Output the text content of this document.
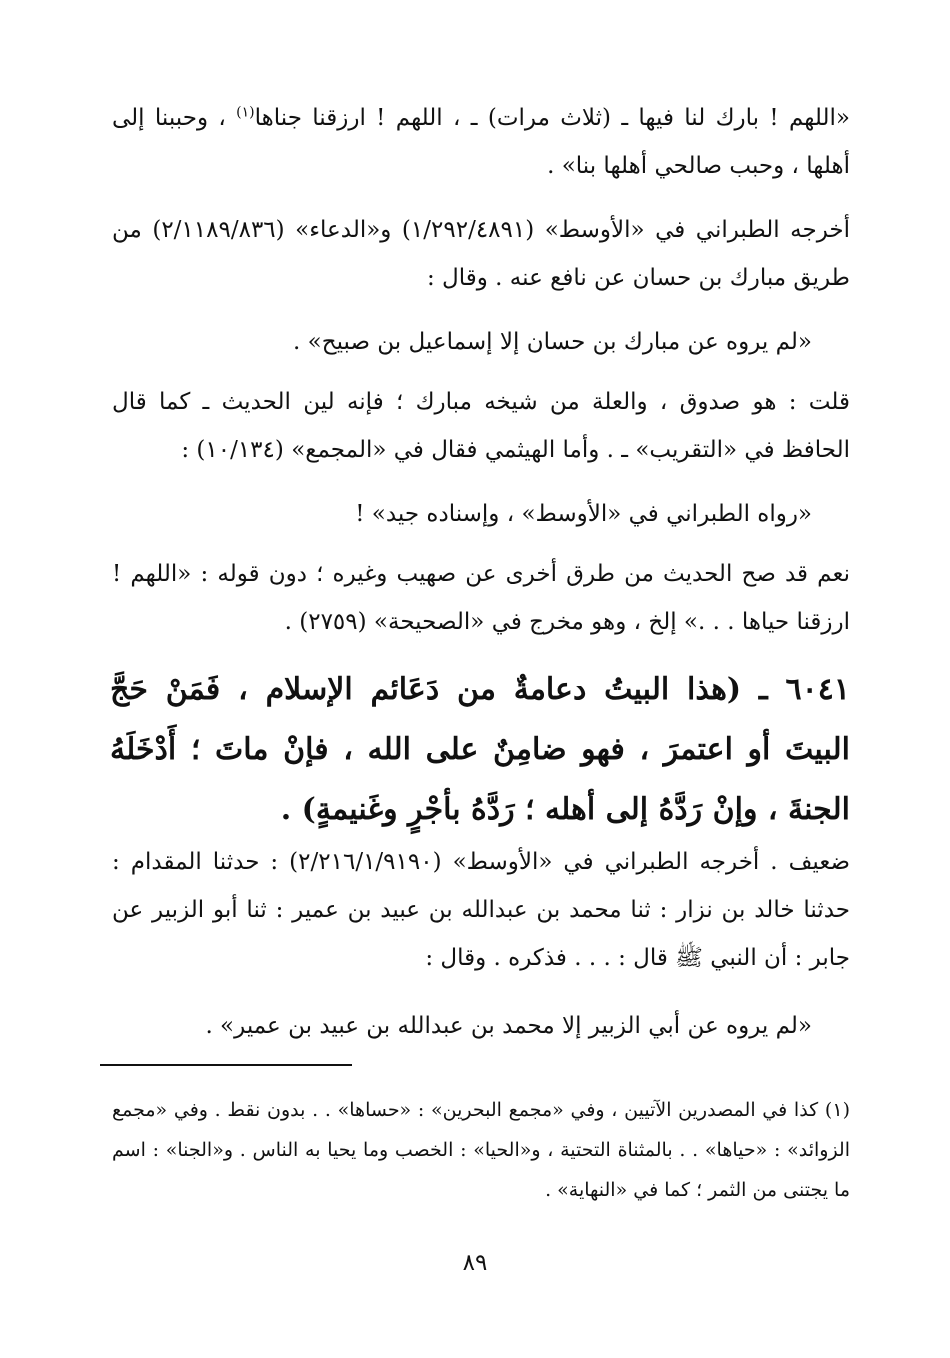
«اللهم ! بارك لنا فيها ـ (ثلاث مرات) ـ ، اللهم ! ارزقنا جناها$^{(١)}$ ، وحببنا إلى أهلها ، وحبب صالحي أهلها بنا» .
أخرجه الطبراني في «الأوسط» (١/٢٩٢/٤٨٩١) و«الدعاء» (٢/١١٨٩/٨٣٦) من طريق مبارك بن حسان عن نافع عنه . وقال :
«لم يروه عن مبارك بن حسان إلا إسماعيل بن صبيح» .
قلت : هو صدوق ، والعلة من شيخه مبارك ؛ فإنه لين الحديث ـ كما قال الحافظ في «التقريب» ـ . وأما الهيثمي فقال في «المجمع» (١٠/١٣٤) :
«رواه الطبراني في «الأوسط» ، وإسناده جيد» !
نعم قد صح الحديث من طرق أخرى عن صهيب وغيره ؛ دون قوله : «اللهم ! ارزقنا حياها . . .» إلخ ، وهو مخرج في «الصحيحة» (٢٧٥٩) .
٦٠٤١ ـ (هذا البيتُ دعامةٌ من دَعَائم الإسلام ، فَمَنْ حَجَّ البيتَ أو اعتمرَ ، فهو ضامِنٌ على الله ، فإنْ ماتَ ؛ أَدْخَلَهُ الجنةَ ، وإنْ رَدَّهُ إلى أهله ؛ رَدَّهُ بأجْرٍ وغَنيمةٍ) .
ضعيف . أخرجه الطبراني في «الأوسط» (٢/٢١٦/١/٩١٩٠) : حدثنا المقدام : حدثنا خالد بن نزار : ثنا محمد بن عبدالله بن عبيد بن عمير : ثنا أبو الزبير عن جابر : أن النبي ﷺ قال : . . . فذكره . وقال :
«لم يروه عن أبي الزبير إلا محمد بن عبدالله بن عبيد بن عمير» .
(١) كذا في المصدرين الآتيين ، وفي «مجمع البحرين» : «حساها» . . بدون نقط . وفي «مجمع الزوائد» : «حياها» . . بالمثناة التحتية ، و«الحيا» : الخصب وما يحيا به الناس . و«الجنا» : اسم ما يجتنى من الثمر ؛ كما في «النهاية» .
٨٩
